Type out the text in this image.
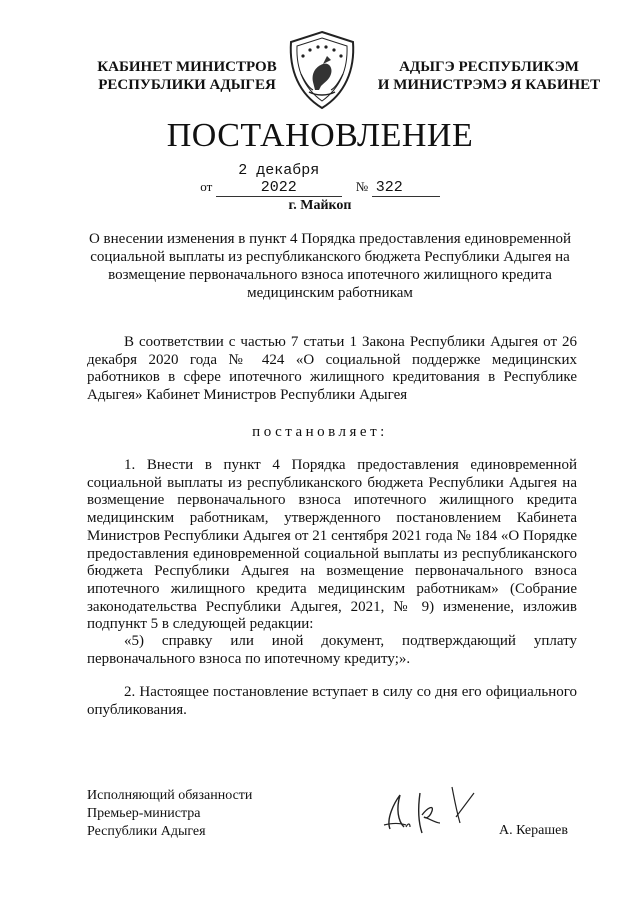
КАБИНЕТ МИНИСТРОВ
РЕСПУБЛИКИ АДЫГЕЯ
АДЫГЭ РЕСПУБЛИКЭМ
И МИНИСТРЭМЭ Я КАБИНЕТ
ПОСТАНОВЛЕНИЕ
от 2 декабря 2022	№ 322
г. Майкоп
О внесении изменения в пункт 4 Порядка предоставления единовременной социальной выплаты из республиканского бюджета Республики Адыгея на возмещение первоначального взноса ипотечного жилищного кредита медицинским работникам
В соответствии с частью 7 статьи 1 Закона Республики Адыгея от 26 декабря 2020 года № 424 «О социальной поддержке медицинских работников в сфере ипотечного жилищного кредитования в Республике Адыгея» Кабинет Министров Республики Адыгея
постановляет:
1. Внести в пункт 4 Порядка предоставления единовременной социальной выплаты из республиканского бюджета Республики Адыгея на возмещение первоначального взноса ипотечного жилищного кредита медицинским работникам, утвержденного постановлением Кабинета Министров Республики Адыгея от 21 сентября 2021 года № 184 «О Порядке предоставления единовременной социальной выплаты из республиканского бюджета Республики Адыгея на возмещение первоначального взноса ипотечного жилищного кредита медицинским работникам» (Собрание законодательства Республики Адыгея, 2021, № 9) изменение, изложив подпункт 5 в следующей редакции:
«5) справку или иной документ, подтверждающий уплату первоначального взноса по ипотечному кредиту;».
2. Настоящее постановление вступает в силу со дня его официального опубликования.
Исполняющий обязанности
Премьер-министра
Республики Адыгея	А. Керашев
